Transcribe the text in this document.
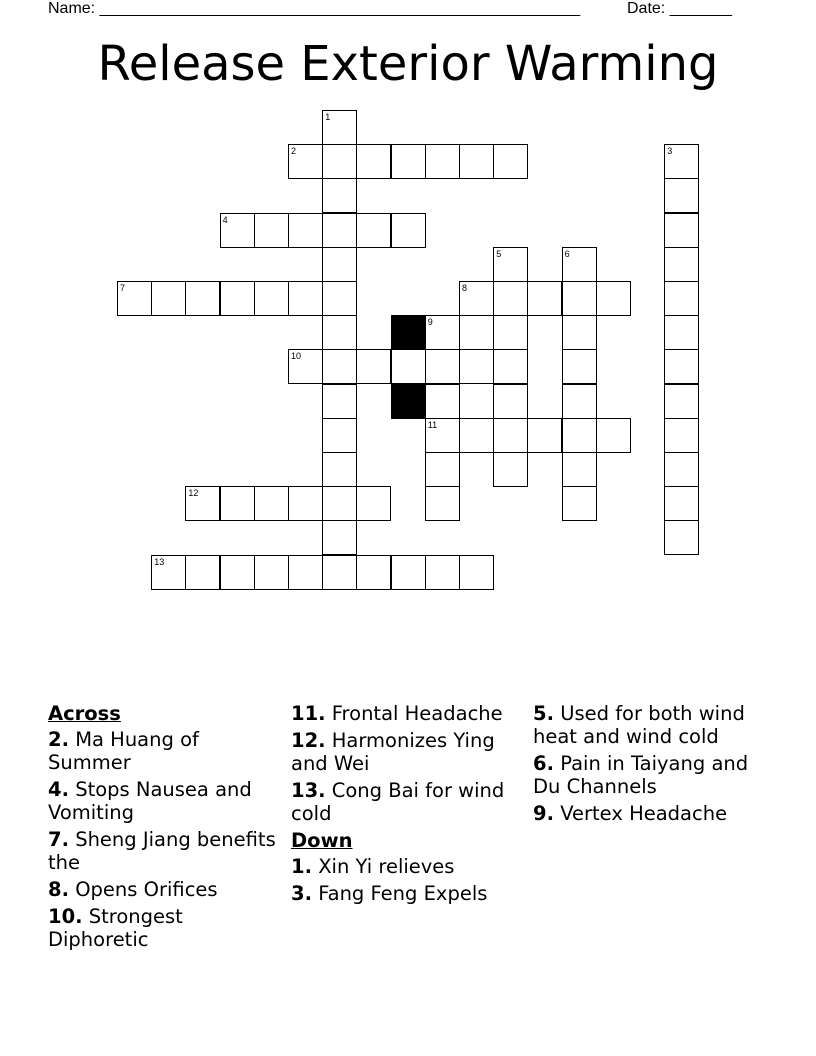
Name: ______________________________________________________	Date: _______
Release Exterior Warming
1
2	3
4
5	6
7	8
9
11
10
12
13
Across
2. Ma Huang of Summer
4. Stops Nausea and Vomiting
7. Sheng Jiang benefits the
8. Opens Orifices
10. Strongest Diphoretic
11. Frontal Headache
12. Harmonizes Ying and Wei
13. Cong Bai for wind cold
Down
1. Xin Yi relieves
3. Fang Feng Expels
5. Used for both wind heat and wind cold
6. Pain in Taiyang and Du Channels
9. Vertex Headache
